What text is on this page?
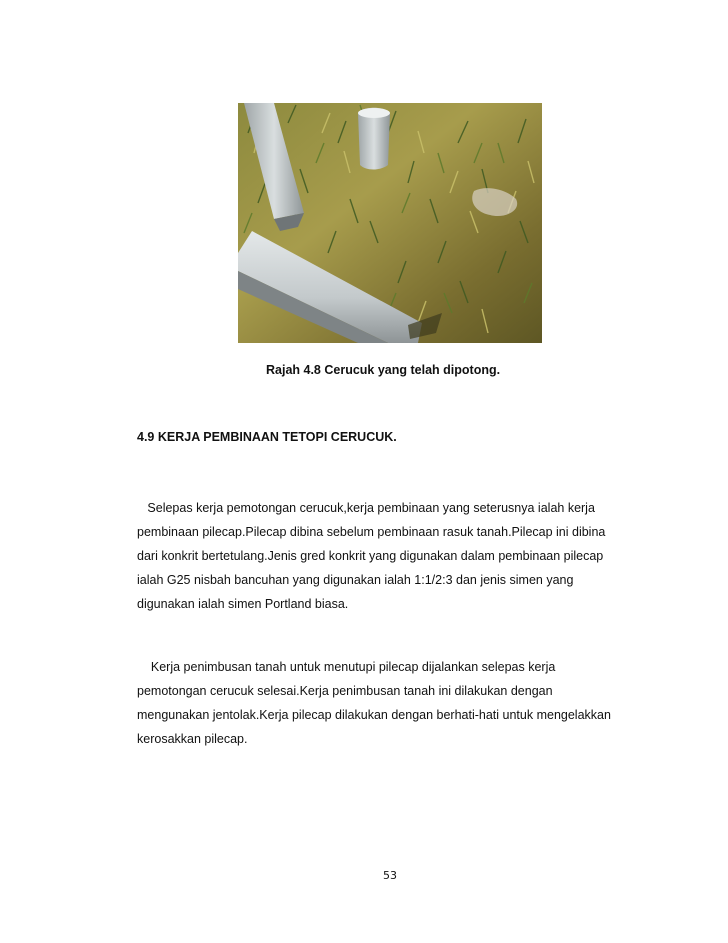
Rajah 4.8 Cerucuk yang telah dipotong.
4.9 KERJA PEMBINAAN TETOPI CERUCUK.

Selepas kerja pemotongan cerucuk,kerja pembinaan yang seterusnya ialah kerja
pembinaan pilecap.Pilecap dibina sebelum pembinaan rasuk tanah.Pilecap ini dibina
dari konkrit bertetulang.Jenis gred konkrit yang digunakan dalam pembinaan pilecap
ialah G25 nisbah bancuhan yang digunakan ialah 1:1/2:3 dan jenis simen yang
digunakan ialah simen Portland biasa.

Kerja penimbusan tanah untuk menutupi pilecap dijalankan selepas kerja
pemotongan cerucuk selesai.Kerja penimbusan tanah ini dilakukan dengan
mengunakan jentolak.Kerja pilecap dilakukan dengan berhati-hati untuk mengelakkan
kerosakkan pilecap.

53
